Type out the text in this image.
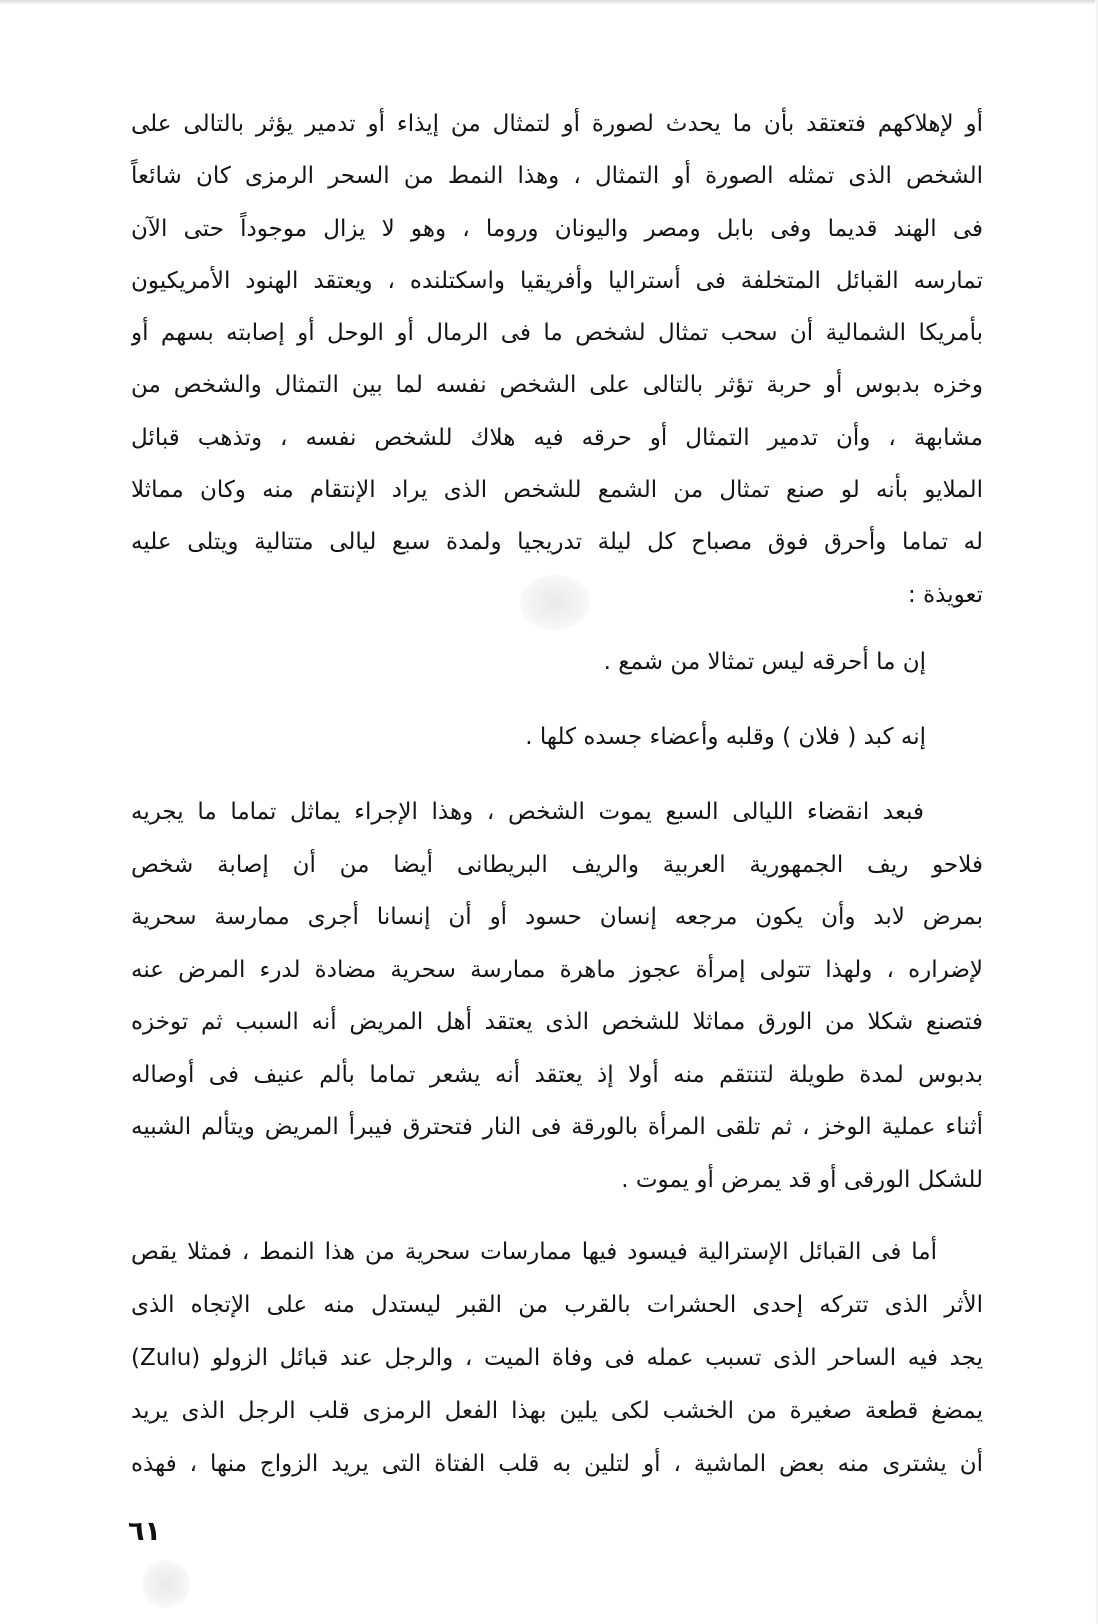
أو لإهلاكهم فتعتقد بأن ما يحدث لصورة أو لتمثال من إيذاء أو تدمير يؤثر بالتالى على
الشخص الذى تمثله الصورة أو التمثال ، وهذا النمط من السحر الرمزى كان شائعاً
فى الهند قديما وفى بابل ومصر واليونان وروما ، وهو لا يزال موجوداً حتى الآن
تمارسه القبائل المتخلفة فى أستراليا وأفريقيا واسكتلنده ، ويعتقد الهنود الأمريكيون
بأمريكا الشمالية أن سحب تمثال لشخص ما فى الرمال أو الوحل أو إصابته بسهم أو
وخزه بدبوس أو حربة تؤثر بالتالى على الشخص نفسه لما بين التمثال والشخص من
مشابهة ، وأن تدمير التمثال أو حرقه فيه هلاك للشخص نفسه ، وتذهب قبائل
الملايو بأنه لو صنع تمثال من الشمع للشخص الذى يراد الإنتقام منه وكان مماثلا
له تماما وأحرق فوق مصباح كل ليلة تدريجيا ولمدة سبع ليالى متتالية ويتلى عليه
تعويذة :
إن ما أحرقه ليس تمثالا من شمع .
إنه كبد ( فلان ) وقلبه وأعضاء جسده كلها .
فبعد انقضاء الليالى السبع يموت الشخص ، وهذا الإجراء يماثل تماما ما يجريه
فلاحو ريف الجمهورية العربية والريف البريطانى أيضا من أن إصابة شخص
بمرض لابد وأن يكون مرجعه إنسان حسود أو أن إنسانا أجرى ممارسة سحرية
لإضراره ، ولهذا تتولى إمرأة عجوز ماهرة ممارسة سحرية مضادة لدرء المرض عنه
فتصنع شكلا من الورق مماثلا للشخص الذى يعتقد أهل المريض أنه السبب ثم توخزه
بدبوس لمدة طويلة لتنتقم منه أولا إذ يعتقد أنه يشعر تماما بألم عنيف فى أوصاله
أثناء عملية الوخز ، ثم تلقى المرأة بالورقة فى النار فتحترق فيبرأ المريض ويتألم الشبيه
للشكل الورقى أو قد يمرض أو يموت .
أما فى القبائل الإسترالية فيسود فيها ممارسات سحرية من هذا النمط ، فمثلا يقص
الأثر الذى تتركه إحدى الحشرات بالقرب من القبر ليستدل منه على الإتجاه الذى
يجد فيه الساحر الذى تسبب عمله فى وفاة الميت ، والرجل عند قبائل الزولو (Zulu)
يمضغ قطعة صغيرة من الخشب لكى يلين بهذا الفعل الرمزى قلب الرجل الذى يريد
أن يشترى منه بعض الماشية ، أو لتلين به قلب الفتاة التى يريد الزواج منها ، فهذه
٦١
